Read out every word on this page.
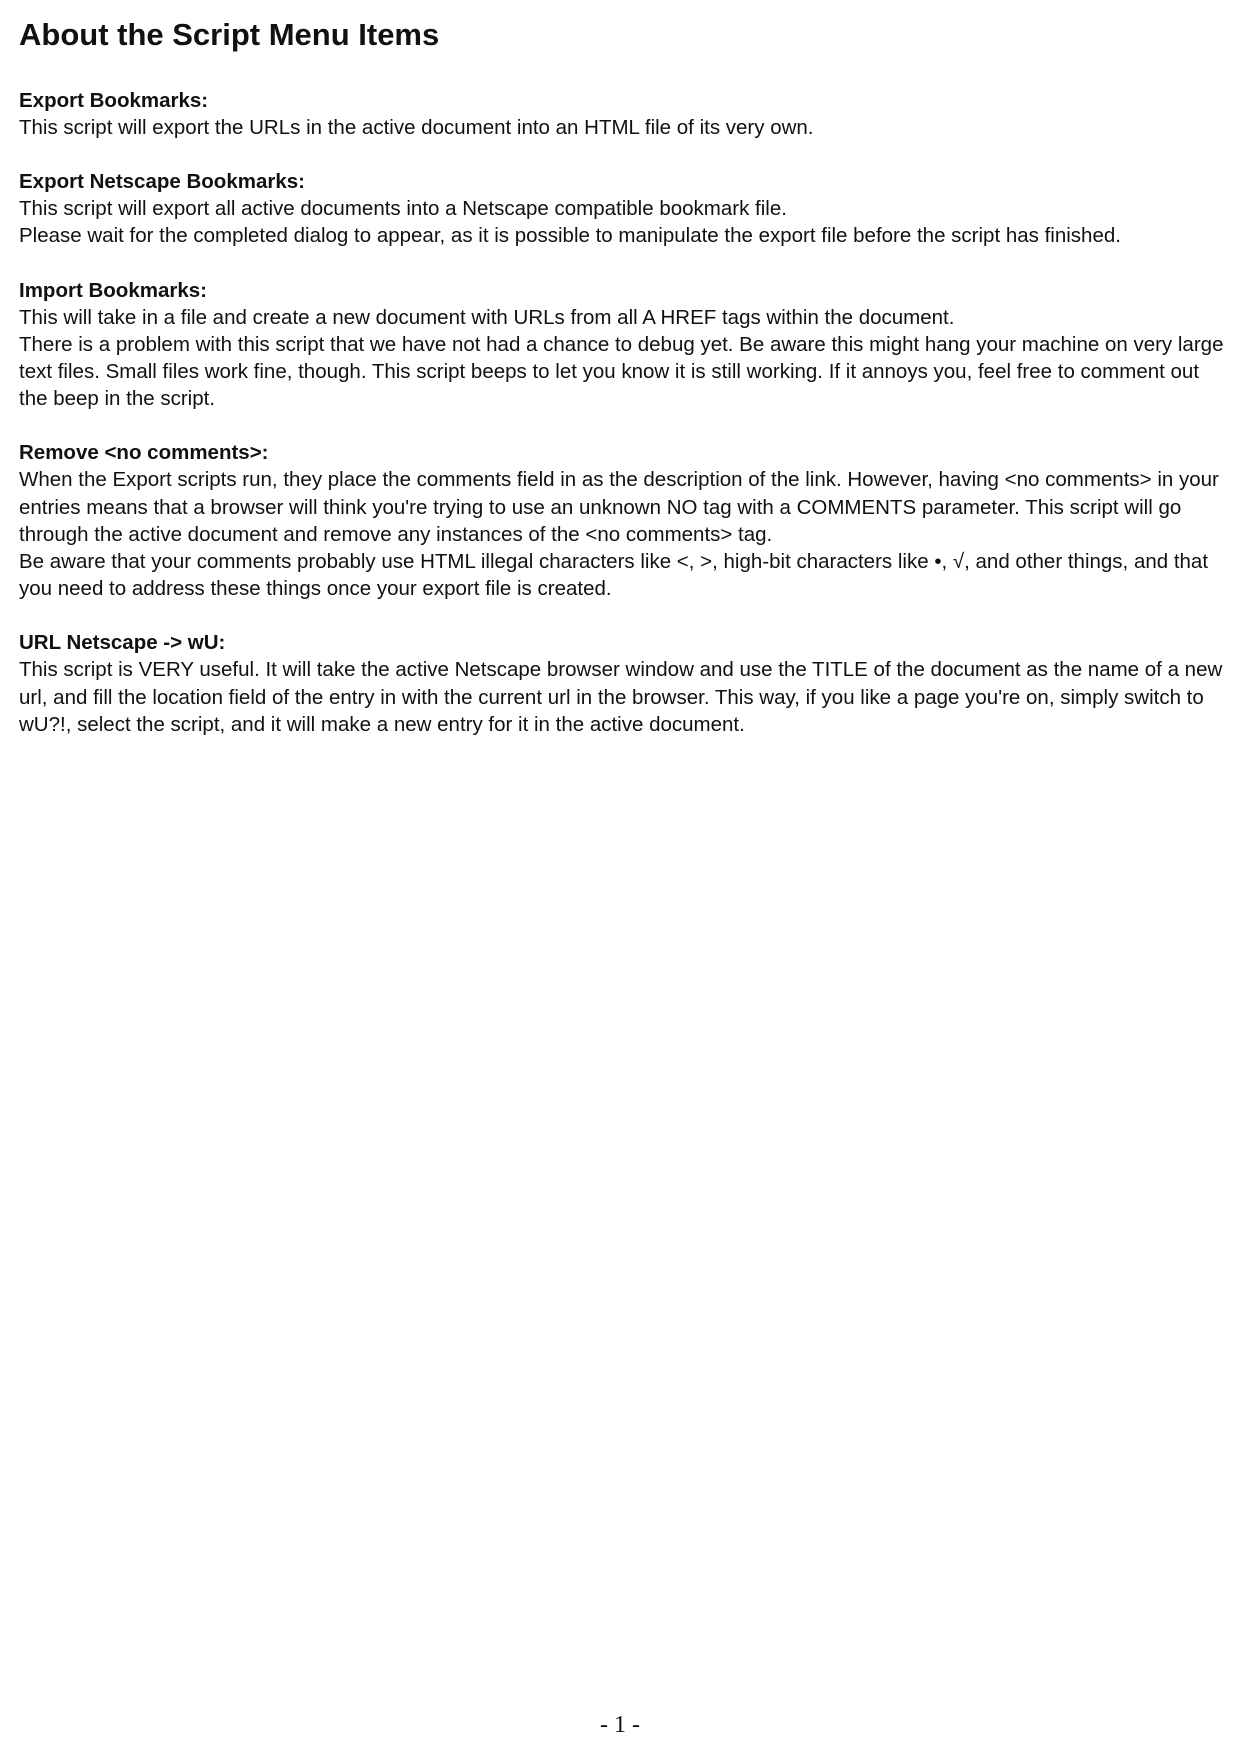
About the Script Menu Items

Export Bookmarks:

This script will export the URLs in the active document into an HTML file of its very own.

Export Netscape Bookmarks:

This script will export all active documents into a Netscape compatible bookmark file.

Please wait for the completed dialog to appear, as it is possible to manipulate the export file before the script has finished.

Import Bookmarks:

This will take in a file and create a new document with URLs from all A HREF tags within the document.

There is a problem with this script that we have not had a chance to debug yet. Be aware this might hang your machine on very large text files. Small files work fine, though. This script beeps to let you know it is still working. If it annoys you, feel free to comment out the beep in the script.

Remove <no comments>:

When the Export scripts run, they place the comments field in as the description of the link. However, having <no comments> in your entries means that a browser will think you're trying to use an unknown NO tag with a COMMENTS parameter. This script will go through the active document and remove any instances of the <no comments> tag.

Be aware that your comments probably use HTML illegal characters like <, >, high-bit characters like •, √, and other things, and that you need to address these things once your export file is created.

URL Netscape -> wU:

This script is VERY useful. It will take the active Netscape browser window and use the TITLE of the document as the name of a new url, and fill the location field of the entry in with the current url in the browser. This way, if you like a page you're on, simply switch to wU?!, select the script, and it will make a new entry for it in the active document.

- 1 -
